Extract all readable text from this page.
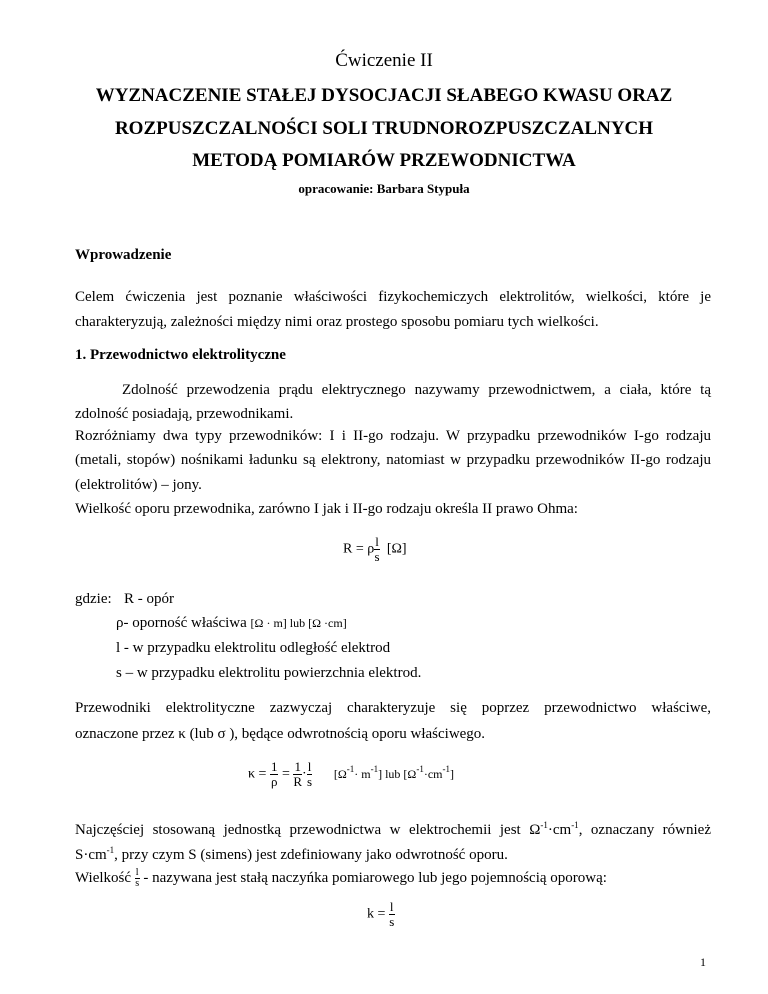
Ćwiczenie II
WYZNACZENIE STAŁEJ DYSOCJACJI SŁABEGO KWASU ORAZ
ROZPUSZCZALNOŚCI SOLI TRUDNOROZPUSZCZALNYCH
METODĄ POMIARÓW PRZEWODNICTWA
opracowanie: Barbara Stypuła
Wprowadzenie
Celem ćwiczenia jest poznanie właściwości fizykochemiczych elektrolitów, wielkości, które je
charakteryzują, zależności między nimi oraz prostego sposobu pomiaru tych wielkości.
1. Przewodnictwo elektrolityczne
Zdolność przewodzenia prądu elektrycznego nazywamy przewodnictwem, a ciała, które tą
zdolność posiadają, przewodnikami.
Rozróżniamy dwa typy przewodników: I i II-go rodzaju. W przypadku przewodników I-go rodzaju
(metali, stopów) nośnikami ładunku są elektrony, natomiast w przypadku przewodników II-go rodzaju
(elektrolitów) – jony.
Wielkość oporu przewodnika, zarówno I jak i II-go rodzaju określa II prawo Ohma:
R = ρ $\frac{l}{s} [\Omega]$
gdzie: R - opór
ρ- oporność właściwa [Ω · m] lub [Ω ·cm]
l - w przypadku elektrolitu odległość elektrod
s – w przypadku elektrolitu powierzchnia elektrod.
Przewodniki elektrolityczne zazwyczaj charakteryzuje się poprzez przewodnictwo właściwe,
oznaczone przez κ (lub σ ), będące odwrotnością oporu właściwego.
$\kappa = \frac{1}{\rho} = \frac{1}{R} \cdot \frac{l}{s} [\Omega^{-1}\cdot m^{-1}]$ lub $[\Omega^{-1}\cdot cm^{-1}]$
Najczęściej stosowaną jednostką przewodnictwa w elektrochemii jest $\Omega^{-1}\cdot cm^{-1}$, oznaczany również
$S\cdot cm^{-1}$, przy czym S (simens) jest zdefiniowany jako odwrotność oporu.
Wielkość $\frac{l}{s}$ - nazywana jest stałą naczyńka pomiarowego lub jego pojemnością oporową:
$k = \frac{l}{s}$
1
